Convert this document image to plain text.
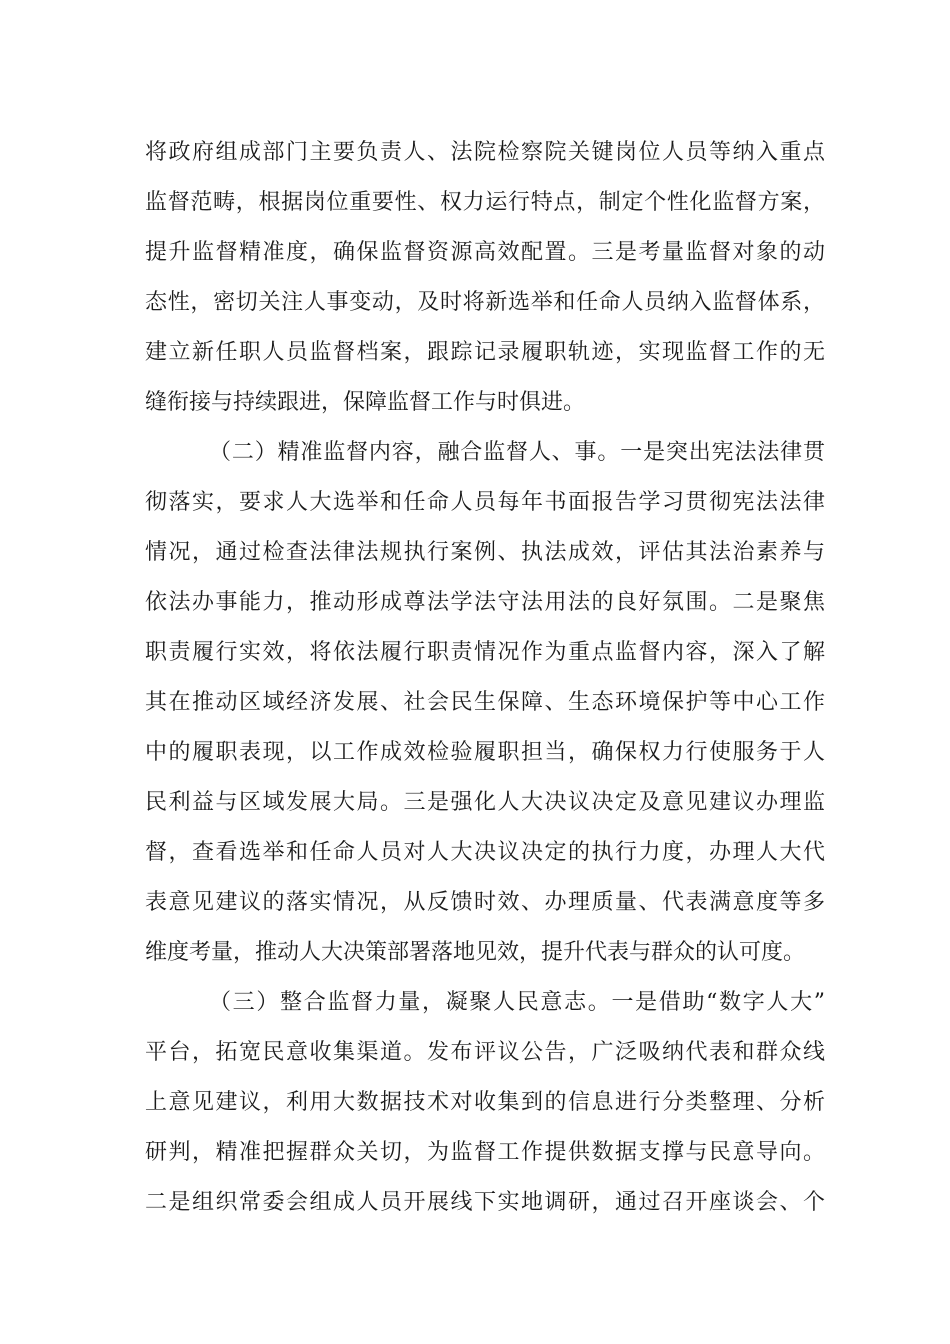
将政府组成部门主要负责人、法院检察院关键岗位人员等纳入重点
监督范畴，根据岗位重要性、权力运行特点，制定个性化监督方案，
提升监督精准度，确保监督资源高效配置。三是考量监督对象的动
态性，密切关注人事变动，及时将新选举和任命人员纳入监督体系，
建立新任职人员监督档案，跟踪记录履职轨迹，实现监督工作的无
缝衔接与持续跟进，保障监督工作与时俱进。
（二）精准监督内容，融合监督人、事。一是突出宪法法律贯
彻落实，要求人大选举和任命人员每年书面报告学习贯彻宪法法律
情况，通过检查法律法规执行案例、执法成效，评估其法治素养与
依法办事能力，推动形成尊法学法守法用法的良好氛围。二是聚焦
职责履行实效，将依法履行职责情况作为重点监督内容，深入了解
其在推动区域经济发展、社会民生保障、生态环境保护等中心工作
中的履职表现，以工作成效检验履职担当，确保权力行使服务于人
民利益与区域发展大局。三是强化人大决议决定及意见建议办理监
督，查看选举和任命人员对人大决议决定的执行力度，办理人大代
表意见建议的落实情况，从反馈时效、办理质量、代表满意度等多
维度考量，推动人大决策部署落地见效，提升代表与群众的认可度。
（三）整合监督力量，凝聚人民意志。一是借助“数字人大”
平台，拓宽民意收集渠道。发布评议公告，广泛吸纳代表和群众线
上意见建议，利用大数据技术对收集到的信息进行分类整理、分析
研判，精准把握群众关切，为监督工作提供数据支撑与民意导向。
二是组织常委会组成人员开展线下实地调研，通过召开座谈会、个
